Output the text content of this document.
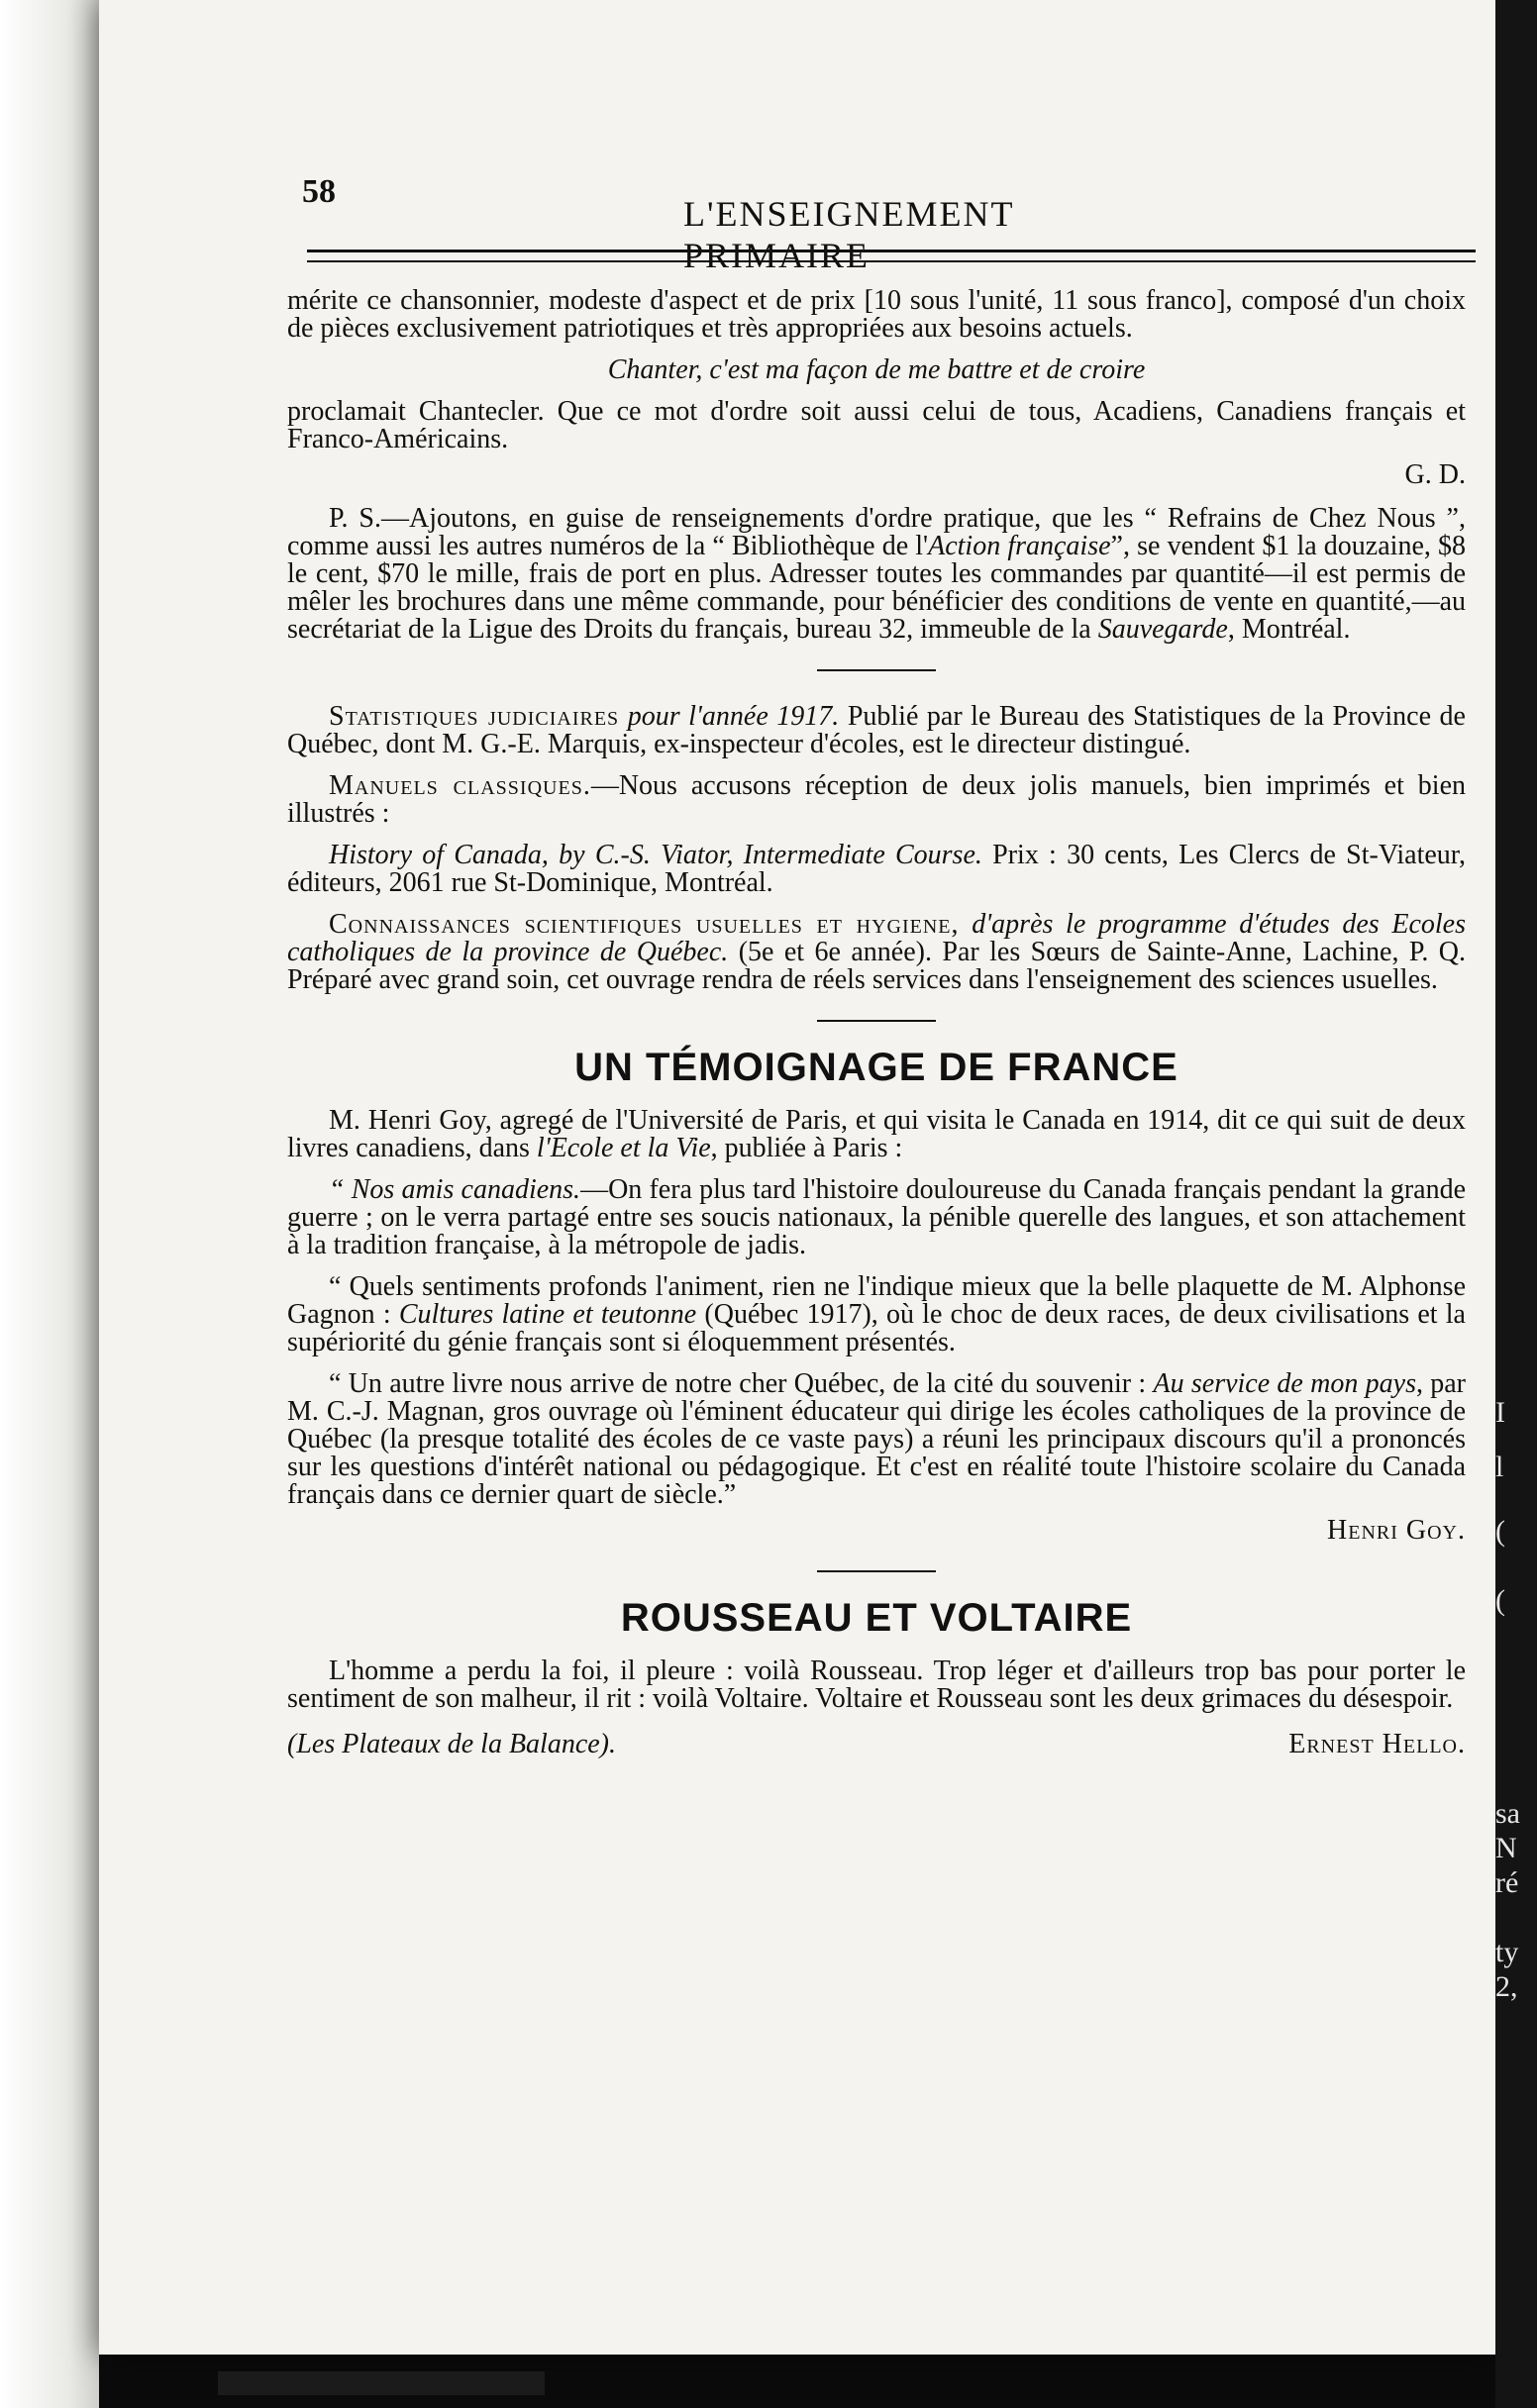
I
l
(
(
sa
N
ré
ty
2,
58
L'ENSEIGNEMENT PRIMAIRE

mérite ce chansonnier, modeste d'aspect et de prix [10 sous l'unité, 11 sous franco], composé d'un choix de pièces exclusivement patriotiques et très appropriées aux besoins actuels.

Chanter, c'est ma façon de me battre et de croire

proclamait Chantecler. Que ce mot d'ordre soit aussi celui de tous, Acadiens, Canadiens français et Franco-Américains.

G. D.

P. S.—Ajoutons, en guise de renseignements d'ordre pratique, que les “ Refrains de Chez Nous ”, comme aussi les autres numéros de la “ Bibliothèque de l'Action française”, se vendent $1 la douzaine, $8 le cent, $70 le mille, frais de port en plus. Adresser toutes les commandes par quantité—il est permis de mêler les brochures dans une même commande, pour bénéficier des conditions de vente en quantité,—au secrétariat de la Ligue des Droits du français, bureau 32, immeuble de la Sauvegarde, Montréal.

Statistiques judiciaires pour l'année 1917. Publié par le Bureau des Statistiques de la Province de Québec, dont M. G.-E. Marquis, ex-inspecteur d'écoles, est le directeur distingué.

Manuels classiques.—Nous accusons réception de deux jolis manuels, bien imprimés et bien illustrés :

History of Canada, by C.-S. Viator, Intermediate Course. Prix : 30 cents, Les Clercs de St-Viateur, éditeurs, 2061 rue St-Dominique, Montréal.

Connaissances scientifiques usuelles et hygiene, d'après le programme d'études des Ecoles catholiques de la province de Québec. (5e et 6e année). Par les Sœurs de Sainte-Anne, Lachine, P. Q. Préparé avec grand soin, cet ouvrage rendra de réels services dans l'enseignement des sciences usuelles.

UN TÉMOIGNAGE DE FRANCE

M. Henri Goy, agregé de l'Université de Paris, et qui visita le Canada en 1914, dit ce qui suit de deux livres canadiens, dans l'Ecole et la Vie, publiée à Paris :

“ Nos amis canadiens.—On fera plus tard l'histoire douloureuse du Canada français pendant la grande guerre ; on le verra partagé entre ses soucis nationaux, la pénible querelle des langues, et son attachement à la tradition française, à la métropole de jadis.

“ Quels sentiments profonds l'animent, rien ne l'indique mieux que la belle plaquette de M. Alphonse Gagnon : Cultures latine et teutonne (Québec 1917), où le choc de deux races, de deux civilisations et la supériorité du génie français sont si éloquemment présentés.

“ Un autre livre nous arrive de notre cher Québec, de la cité du souvenir : Au service de mon pays, par M. C.-J. Magnan, gros ouvrage où l'éminent éducateur qui dirige les écoles catholiques de la province de Québec (la presque totalité des écoles de ce vaste pays) a réuni les principaux discours qu'il a prononcés sur les questions d'intérêt national ou pédagogique. Et c'est en réalité toute l'histoire scolaire du Canada français dans ce dernier quart de siècle.”

Henri Goy.
ROUSSEAU ET VOLTAIRE

L'homme a perdu la foi, il pleure : voilà Rousseau. Trop léger et d'ailleurs trop bas pour porter le sentiment de son malheur, il rit : voilà Voltaire. Voltaire et Rousseau sont les deux grimaces du désespoir.

(Les Plateaux de la Balance).	Ernest Hello.
